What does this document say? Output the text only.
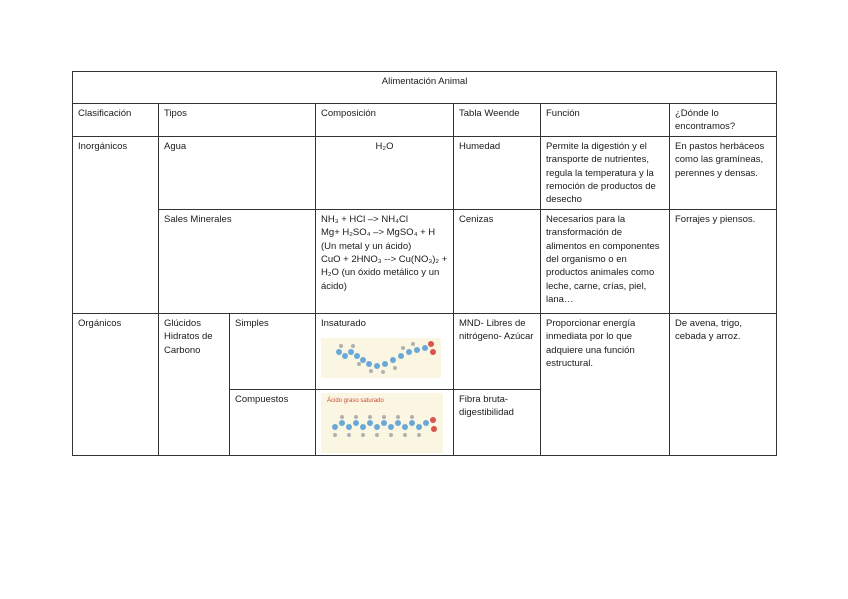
Alimentación Animal						
Clasificación	Tipos		Composición	Tabla Weende	Función	¿Dónde lo encontramos?
Inorgánicos	Agua		H₂O	Humedad	Permite la digestión y el transporte de nutrientes, regula la temperatura y la remoción de productos de desecho	En pastos herbáceos como las gramíneas, perennes y densas.
	Sales Minerales		NH₃ + HCl –> NH₄Cl
Mg+ H₂SO₄ –> MgSO₄ + H
(Un metal y un ácido)
CuO + 2HNO₃ --> Cu(NO₃)₂ + H₂O (un óxido metálico y un ácido)	Cenizas	Necesarios para la transformación de alimentos en componentes del organismo o en productos animales como leche, carne, crías, piel, lana…	Forrajes y piensos.
Orgánicos	Glúcidos Hidratos de Carbono	Simples	Insaturado	MND- Libres de nitrógeno- Azúcar	Proporcionar energía inmediata por lo que adquiere una función estructural.	De avena, trigo, cebada y arroz.
		Compuestos	Ácido graso saturado	Fibra bruta- digestibilidad		
